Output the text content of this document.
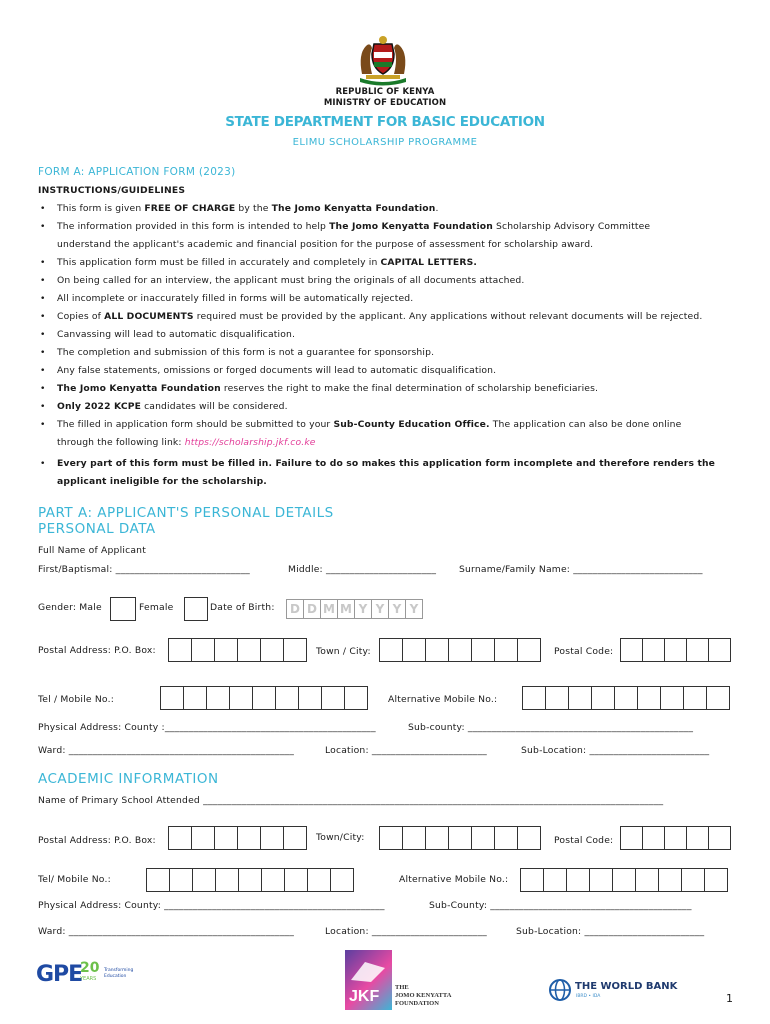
REPUBLIC OF KENYA
MINISTRY OF EDUCATION
STATE DEPARTMENT FOR BASIC EDUCATION
ELIMU SCHOLARSHIP PROGRAMME
FORM A: APPLICATION FORM (2023)
INSTRUCTIONS/GUIDELINES
• This form is given FREE OF CHARGE by the The Jomo Kenyatta Foundation.
• The information provided in this form is intended to help The Jomo Kenyatta Foundation Scholarship Advisory Committee
understand the applicant's academic and financial position for the purpose of assessment for scholarship award.
• This application form must be filled in accurately and completely in CAPITAL LETTERS.
• On being called for an interview, the applicant must bring the originals of all documents attached.
• All incomplete or inaccurately filled in forms will be automatically rejected.
• Copies of ALL DOCUMENTS required must be provided by the applicant. Any applications without relevant documents will be rejected.
• Canvassing will lead to automatic disqualification.
• The completion and submission of this form is not a guarantee for sponsorship.
• Any false statements, omissions or forged documents will lead to automatic disqualification.
• The Jomo Kenyatta Foundation reserves the right to make the final determination of scholarship beneficiaries.
• Only 2022 KCPE candidates will be considered.
• The filled in application form should be submitted to your Sub-County Education Office. The application can also be done online
through the following link: https://scholarship.jkf.co.ke
• Every part of this form must be filled in. Failure to do so makes this application form incomplete and therefore renders the
applicant ineligible for the scholarship.
PART A: APPLICANT'S PERSONAL DETAILS
PERSONAL DATA
Full Name of Applicant
First/Baptismal: ____________________________	Middle: _______________________ Surname/Family Name: ___________________________
Gender: Male	Female	Date of Birth:	D D M M Y Y Y Y
Postal Address: P.O. Box:	Town / City:	Postal Code:
Tel / Mobile No.:	Alternative Mobile No.:
Physical Address: County :____________________________________________	Sub-county: _______________________________________________
Ward: _______________________________________________	Location: ________________________	Sub-Location: _________________________
ACADEMIC INFORMATION
Name of Primary School Attended ________________________________________________________________________________________________
Postal Address: P.O. Box:	Town/City:	Postal Code:
Tel/ Mobile No.:	Alternative Mobile No.:
Physical Address: County: ______________________________________________	Sub-County: __________________________________________
Ward: _______________________________________________	Location: ________________________	Sub-Location: _________________________
GPE
20
YEARS
Transforming
Education
JKF
THE
JOMO KENYATTA
FOUNDATION
THE WORLD BANK
IBRD • IDA	1
